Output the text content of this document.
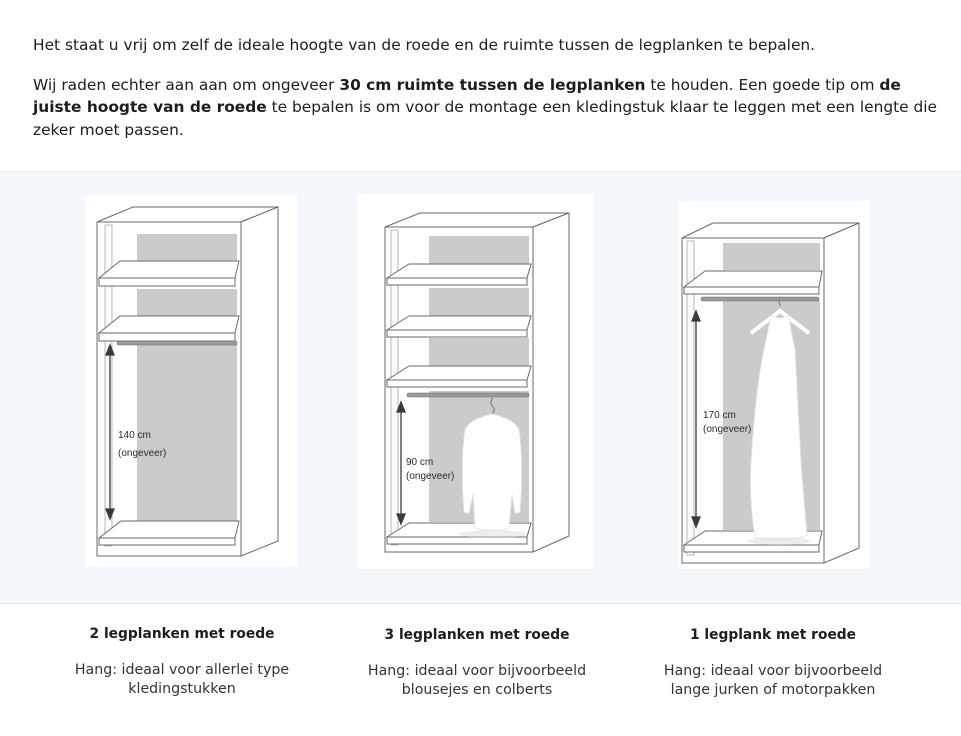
Het staat u vrij om zelf de ideale hoogte van de roede en de ruimte tussen de legplanken te bepalen.

Wij raden echter aan aan om ongeveer 30 cm ruimte tussen de legplanken te houden. Een goede tip om de juiste hoogte van de roede te bepalen is om voor de montage een kledingstuk klaar te leggen met een lengte die zeker moet passen.

140 cm
(ongeveer)
90 cm
(ongeveer)
170 cm
(ongeveer)
2 legplanken met roede
Hang: ideaal voor allerlei type kledingstukken
3 legplanken met roede
Hang: ideaal voor bijvoorbeeld blousejes en colberts
1 legplank met roede
Hang: ideaal voor bijvoorbeeld lange jurken of motorpakken
